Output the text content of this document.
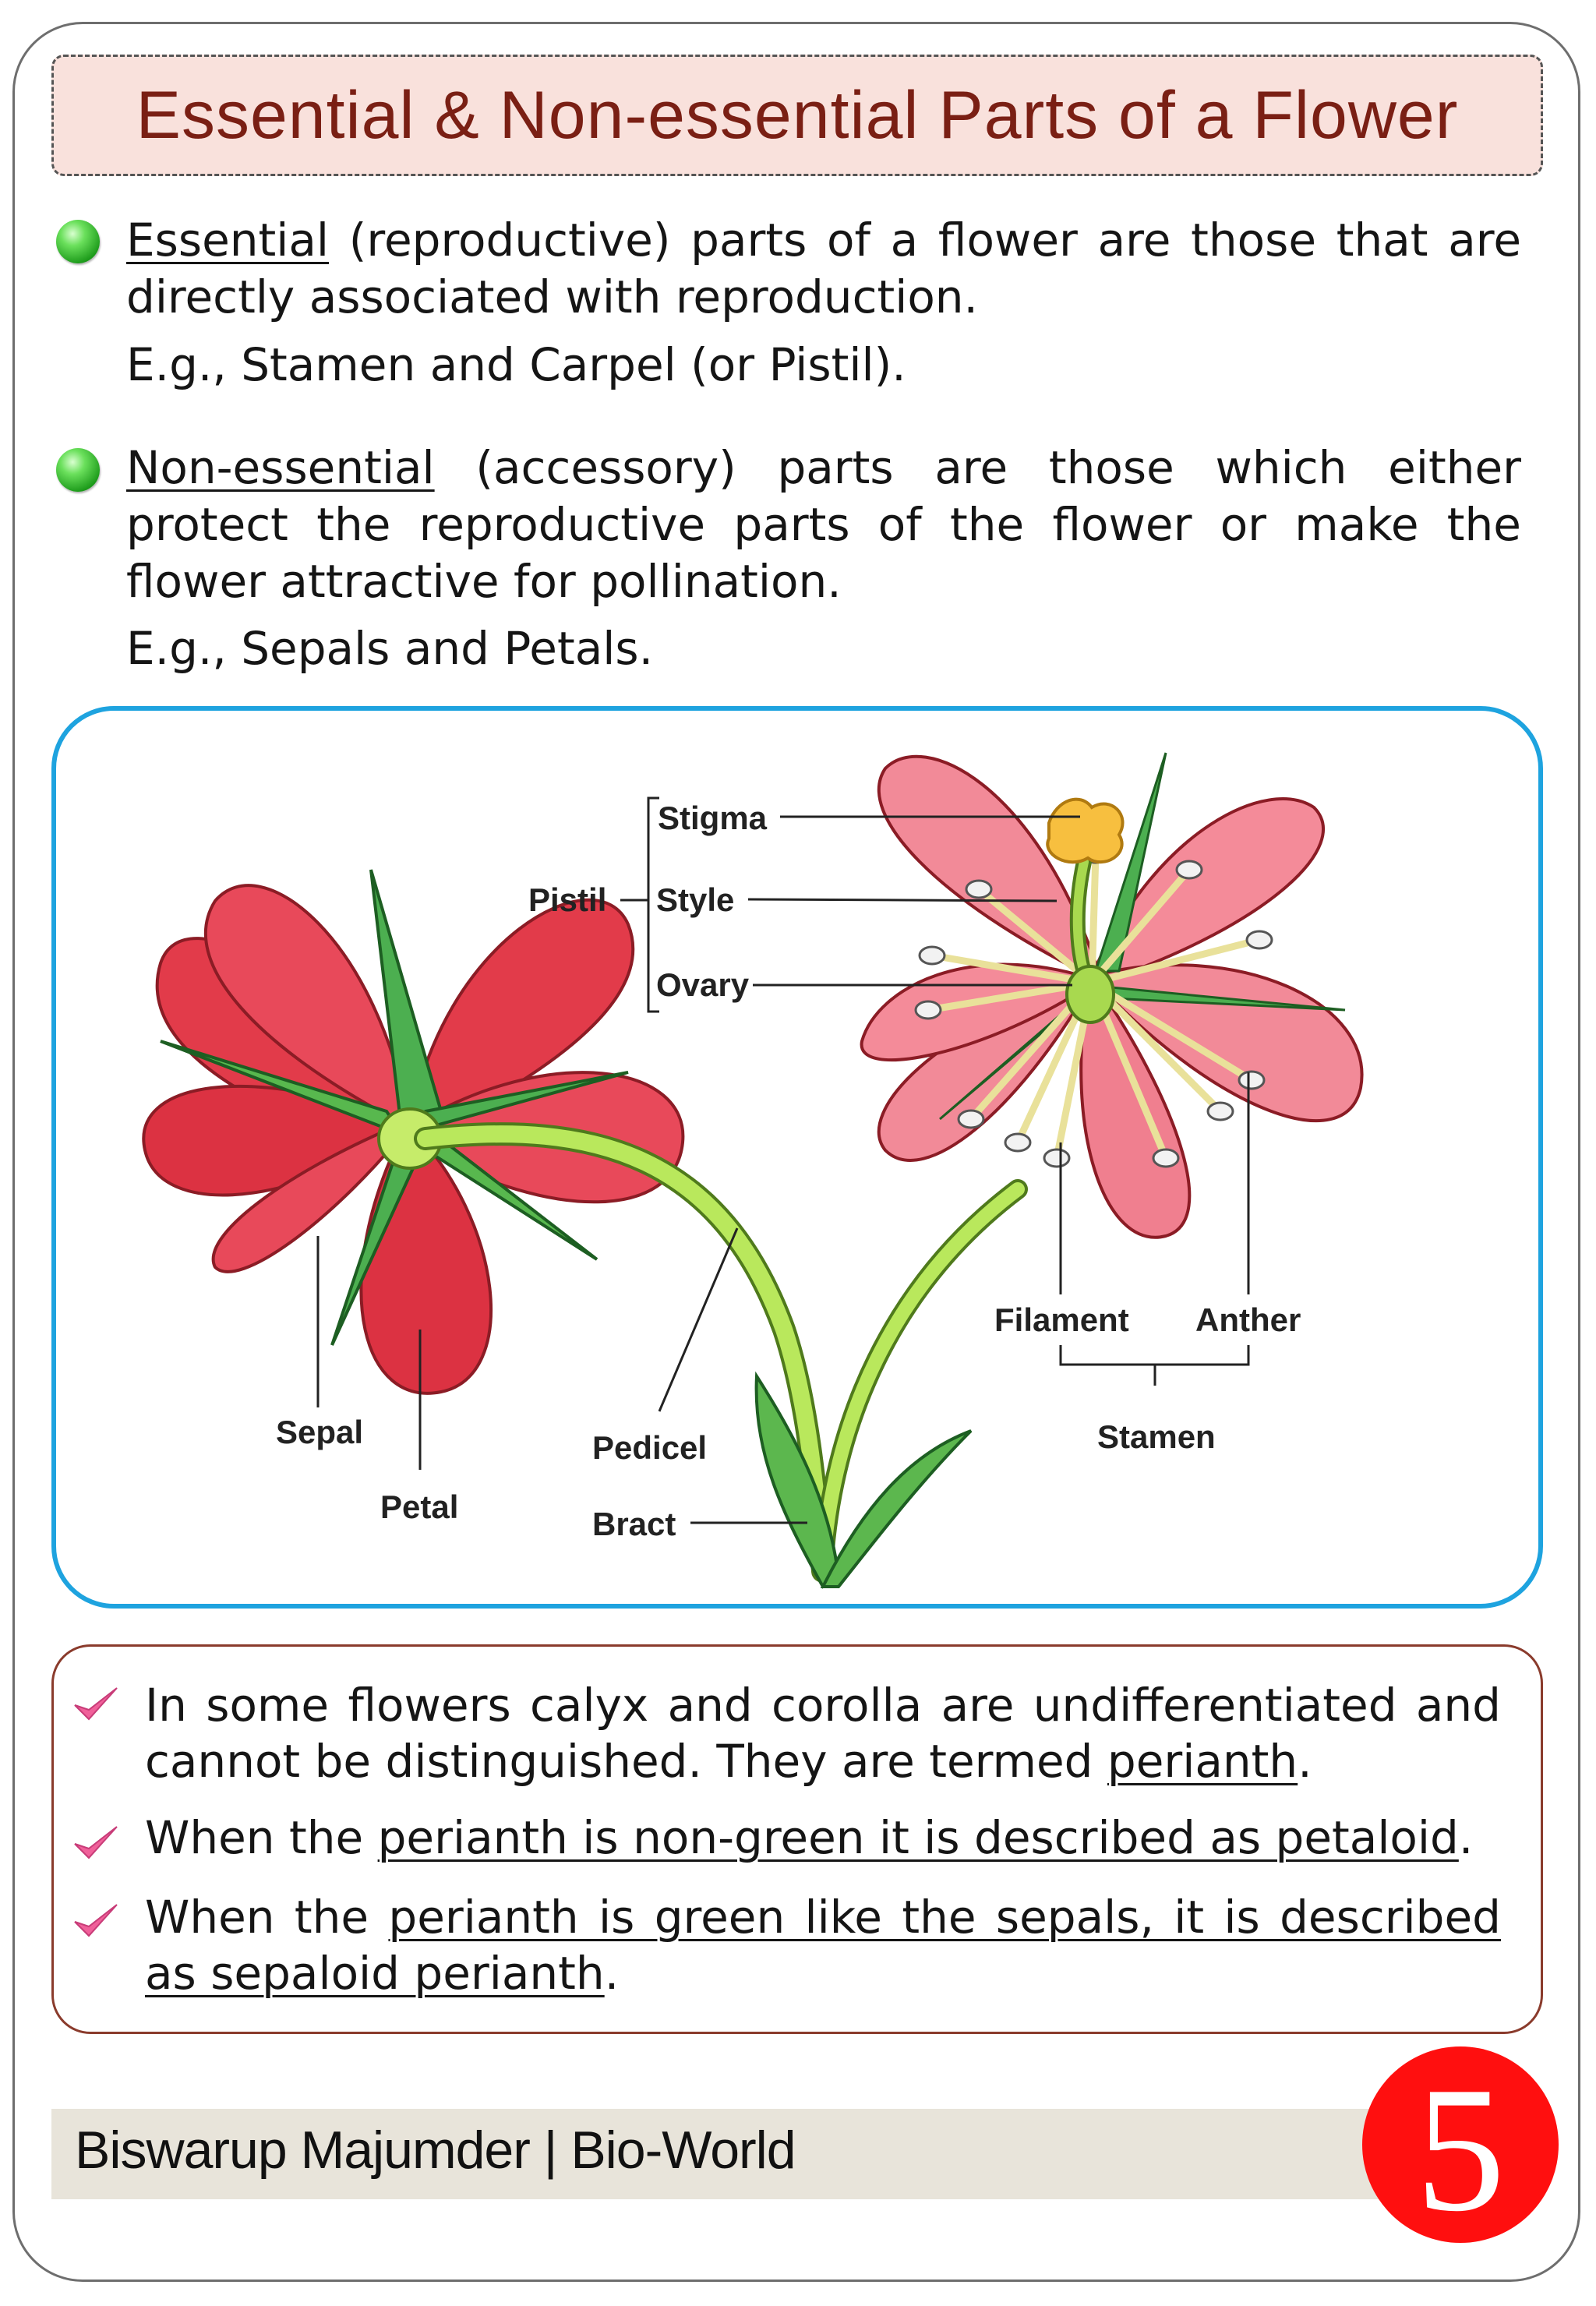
Essential & Non-essential Parts of a Flower
Essential (reproductive) parts of a flower are those that are directly associated with reproduction.
E.g., Stamen and Carpel (or Pistil).
Non-essential (accessory) parts are those which either protect the reproductive parts of the flower or make the flower attractive for pollination.
E.g., Sepals and Petals.
Stigma
Style
Ovary
Pistil
Sepal
Petal
Pedicel
Bract
Filament Anther
Stamen
In some flowers calyx and corolla are undifferentiated and cannot be distinguished. They are termed perianth.
When the perianth is non-green it is described as petaloid.
When the perianth is green like the sepals, it is described as sepaloid perianth.
Biswarup Majumder | Bio-World	5
